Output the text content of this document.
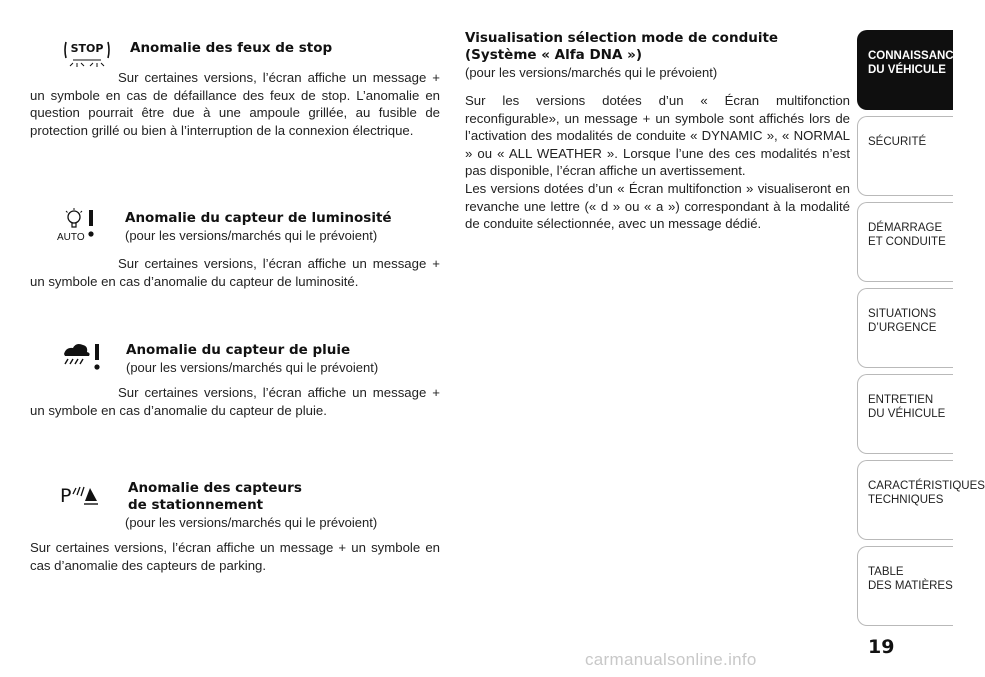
STOP Anomalie des feux de stop

Sur certaines versions, l’écran affiche un message + un symbole en cas de défaillance des feux de stop. L’anomalie en question pourrait être due à une ampoule grillée, au fusible de protection grillé ou bien à l’interruption de la connexion électrique.

AUTO
Anomalie du capteur de luminosité
(pour les versions/marchés qui le prévoient)

Sur certaines versions, l’écran affiche un message + un symbole en cas d’anomalie du capteur de luminosité.

Anomalie du capteur de pluie
(pour les versions/marchés qui le prévoient)

Sur certaines versions, l’écran affiche un message + un symbole en cas d’anomalie du capteur de pluie.

P	Anomalie des capteurs
de stationnement
(pour les versions/marchés qui le prévoient)

Sur certaines versions, l’écran affiche un message + un symbole en cas d’anomalie des capteurs de parking.

Visualisation sélection mode de conduite
(Système « Alfa DNA »)
(pour les versions/marchés qui le prévoient)

Sur les versions dotées d’un « Écran multifonction reconfigurable», un message + un symbole sont affichés lors de l’activation des modalités de conduite « DYNAMIC », « NORMAL » ou « ALL WEATHER ». Lorsque l’une des ces modalités n’est pas disponible, l’écran affiche un avertissement.

Les versions dotées d’un « Écran multifonction » visualiseront en revanche une lettre (« d » ou « a ») correspondant à la modalité de conduite sélectionnée, avec un message dédié.

CONNAISSANCE
DU VÉHICULE
SÉCURITÉ
DÉMARRAGE
ET CONDUITE
SITUATIONS
D’URGENCE
ENTRETIEN
DU VÉHICULE
CARACTÉRISTIQUES
TECHNIQUES
TABLE
DES MATIÈRES
19
carmanualsonline.info
